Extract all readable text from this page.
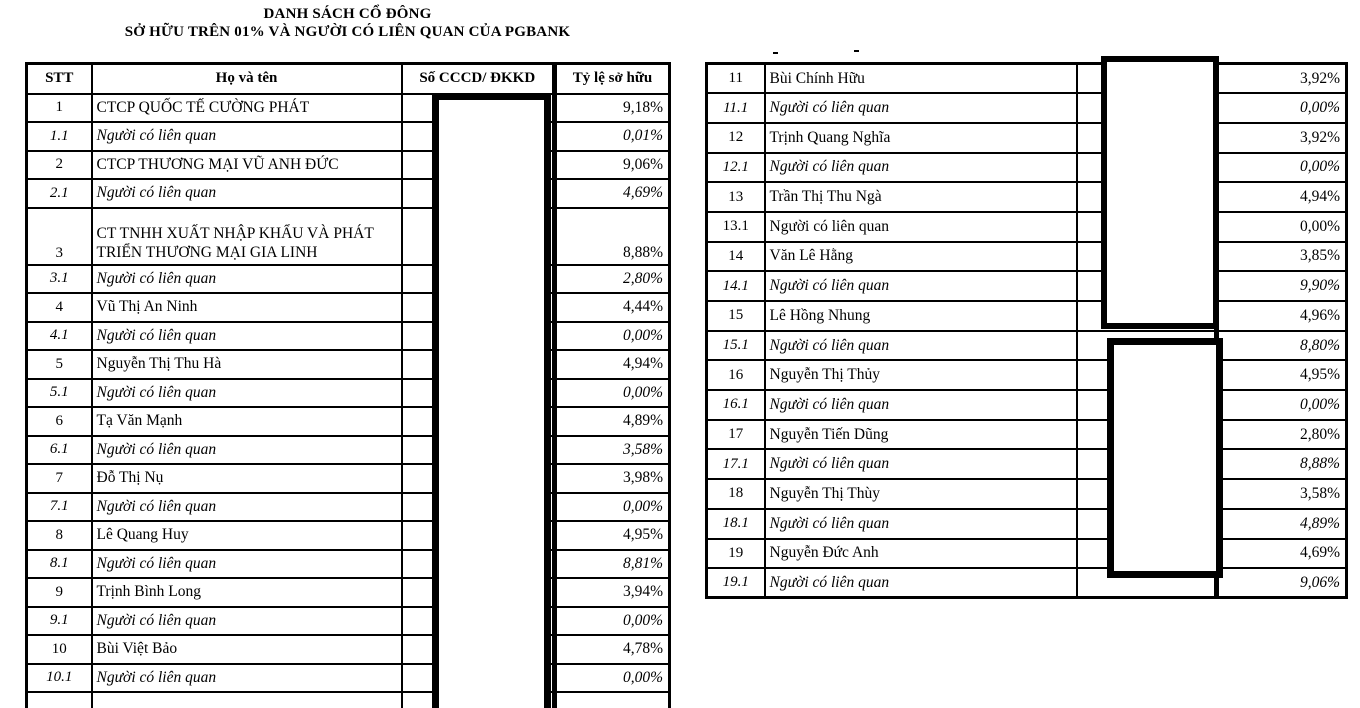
DANH SÁCH CỔ ĐÔNG
SỞ HỮU TRÊN 01% VÀ NGƯỜI CÓ LIÊN QUAN CỦA PGBANK
STT	Họ và tên	Số CCCD/ ĐKKD	Tỷ lệ sở hữu
1	CTCP QUỐC TẾ CƯỜNG PHÁT		9,18%
1.1	Người có liên quan		0,01%
2	CTCP THƯƠNG MẠI VŨ ANH ĐỨC		9,06%
2.1	Người có liên quan		4,69%
3	CT TNHH XUẤT NHẬP KHẨU VÀ PHÁT TRIỂN THƯƠNG MẠI GIA LINH		8,88%
3.1	Người có liên quan		2,80%
4	Vũ Thị An Ninh		4,44%
4.1	Người có liên quan		0,00%
5	Nguyễn Thị Thu Hà		4,94%
5.1	Người có liên quan		0,00%
6	Tạ Văn Mạnh		4,89%
6.1	Người có liên quan		3,58%
7	Đỗ Thị Nụ		3,98%
7.1	Người có liên quan		0,00%
8	Lê Quang Huy		4,95%
8.1	Người có liên quan		8,81%
9	Trịnh Bình Long		3,94%
9.1	Người có liên quan		0,00%
10	Bùi Việt Bảo		4,78%
10.1	Người có liên quan		0,00%

11	Bùi Chính Hữu		3,92%
11.1	Người có liên quan		0,00%
12	Trịnh Quang Nghĩa		3,92%
12.1	Người có liên quan		0,00%
13	Trần Thị Thu Ngà		4,94%
13.1	Người có liên quan		0,00%
14	Văn Lê Hằng		3,85%
14.1	Người có liên quan		9,90%
15	Lê Hồng Nhung		4,96%
15.1	Người có liên quan		8,80%
16	Nguyễn Thị Thủy		4,95%
16.1	Người có liên quan		0,00%
17	Nguyễn Tiến Dũng		2,80%
17.1	Người có liên quan		8,88%
18	Nguyễn Thị Thùy		3,58%
18.1	Người có liên quan		4,89%
19	Nguyễn Đức Anh		4,69%
19.1	Người có liên quan		9,06%
